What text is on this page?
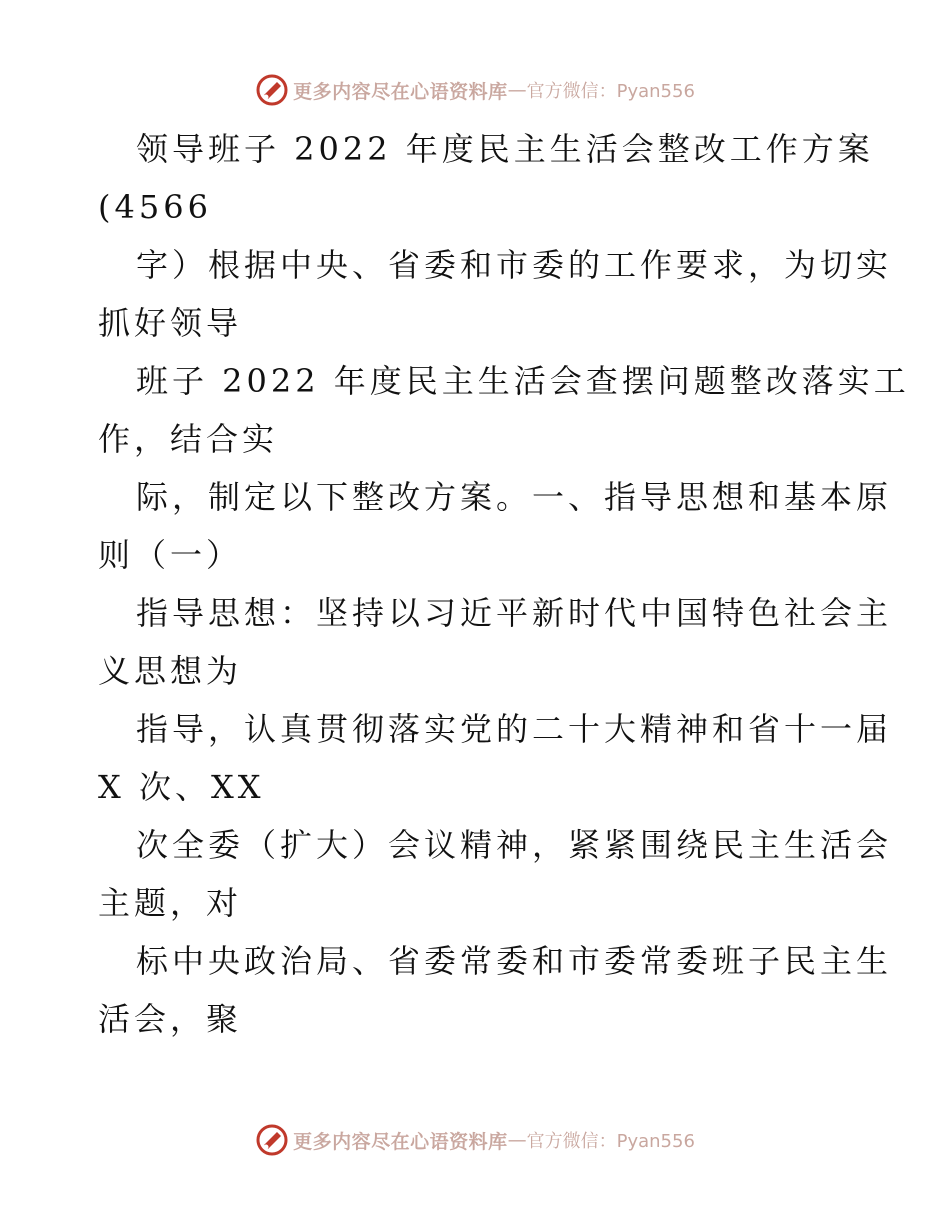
更多内容尽在心语资料库 — 官方微信：Pyan556
领导班子 2022 年度民主生活会整改工作方案
(4566
字）根据中央、省委和市委的工作要求，为切实
抓好领导
班子 2022 年度民主生活会查摆问题整改落实工
作，结合实
际，制定以下整改方案。一、指导思想和基本原
则（一）
指导思想：坚持以习近平新时代中国特色社会主
义思想为
指导，认真贯彻落实党的二十大精神和省十一届
X 次、XX
次全委（扩大）会议精神，紧紧围绕民主生活会
主题，对
标中央政治局、省委常委和市委常委班子民主生
活会，聚
更多内容尽在心语资料库 — 官方微信：Pyan556
